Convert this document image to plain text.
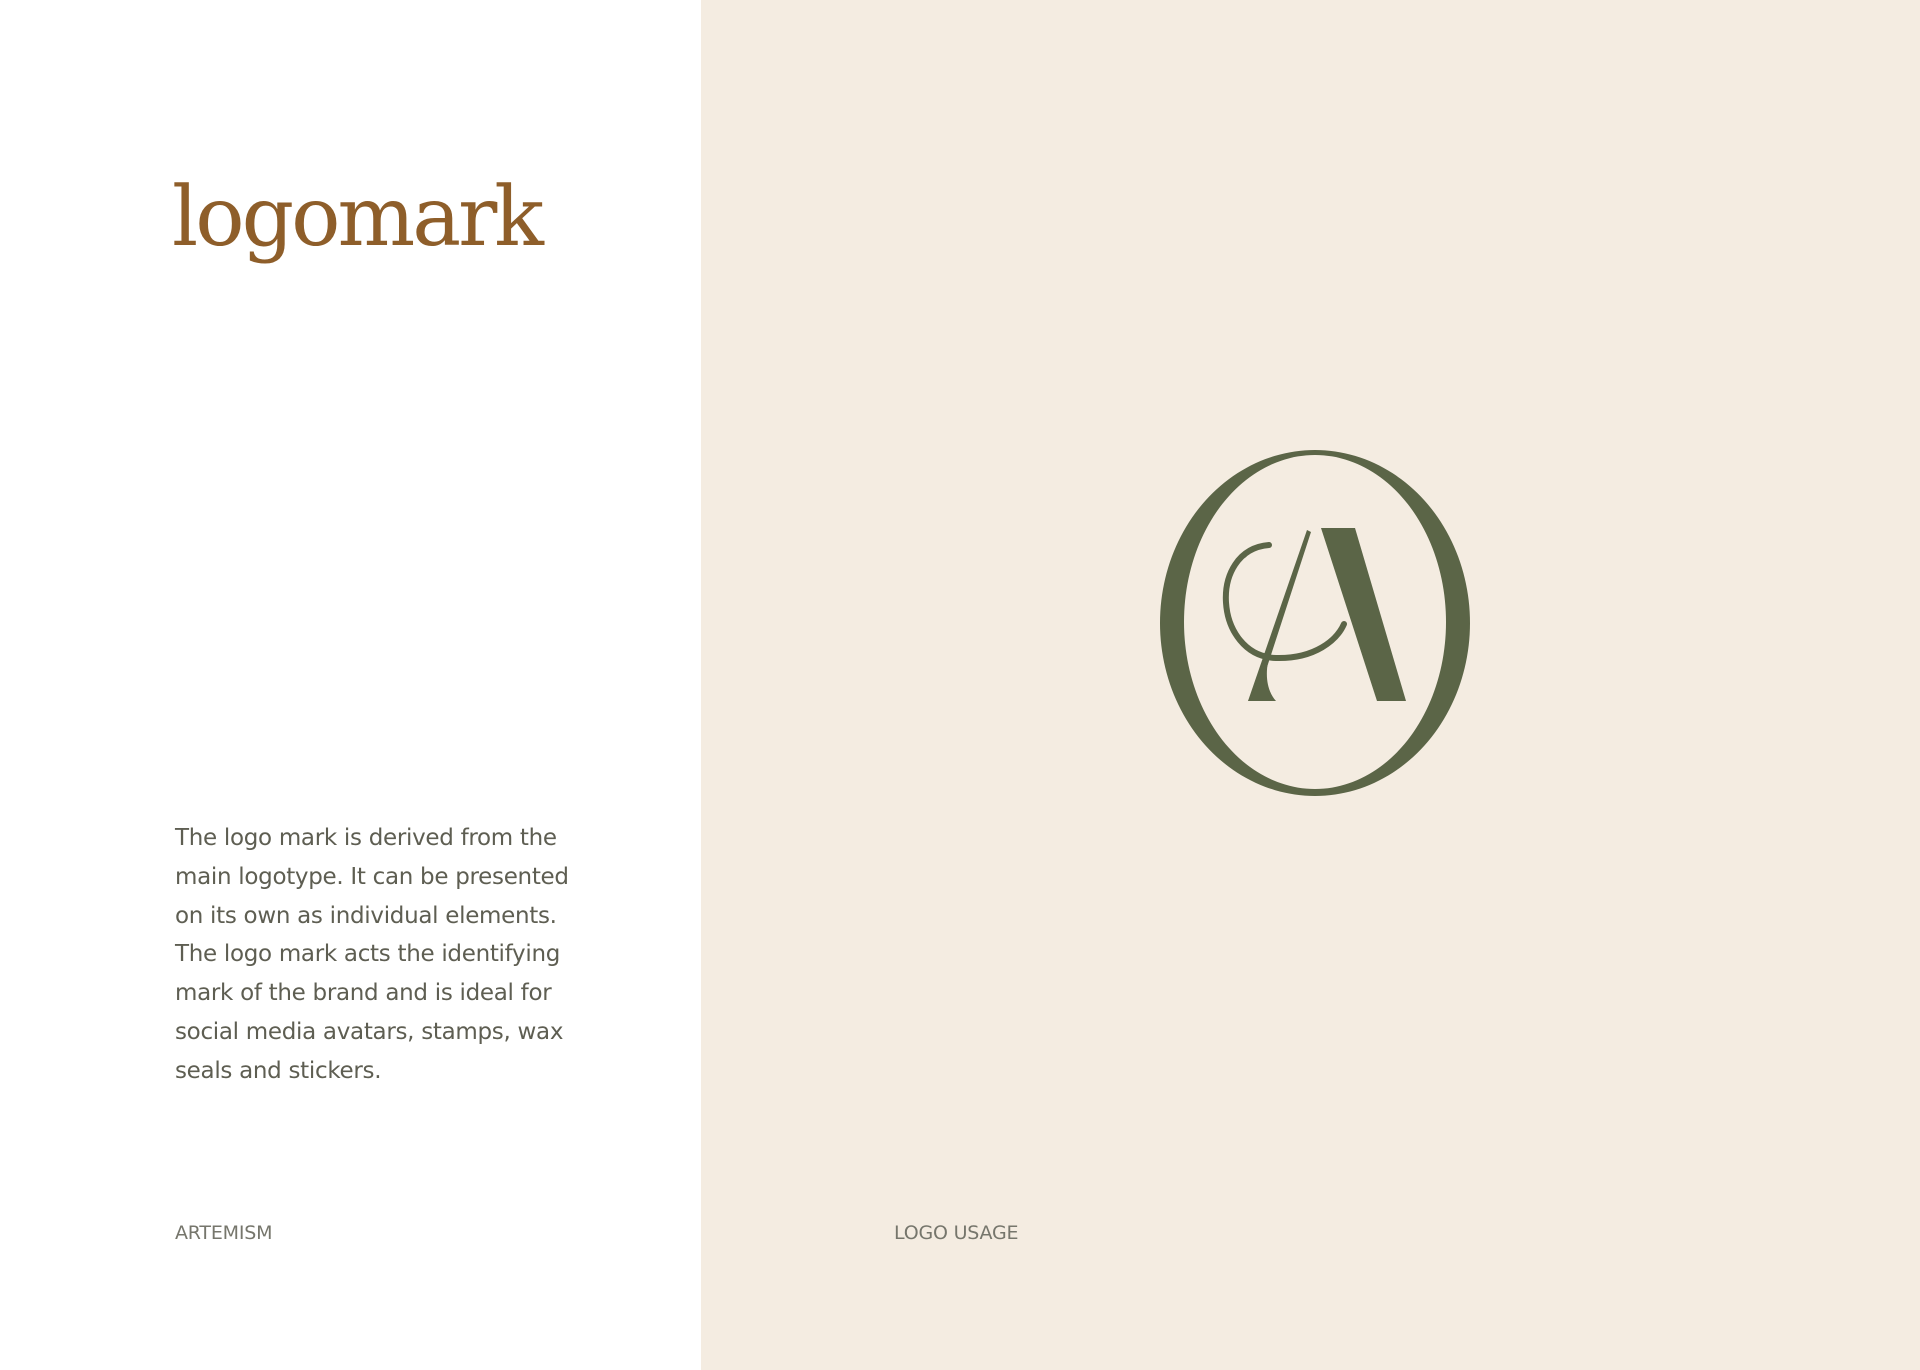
logomark

The logo mark is derived from the main logotype. It can be presented on its own as individual elements. The logo mark acts the identifying mark of the brand and is ideal for social media avatars, stamps, wax seals and stickers.

ARTEMISM	LOGO USAGE
